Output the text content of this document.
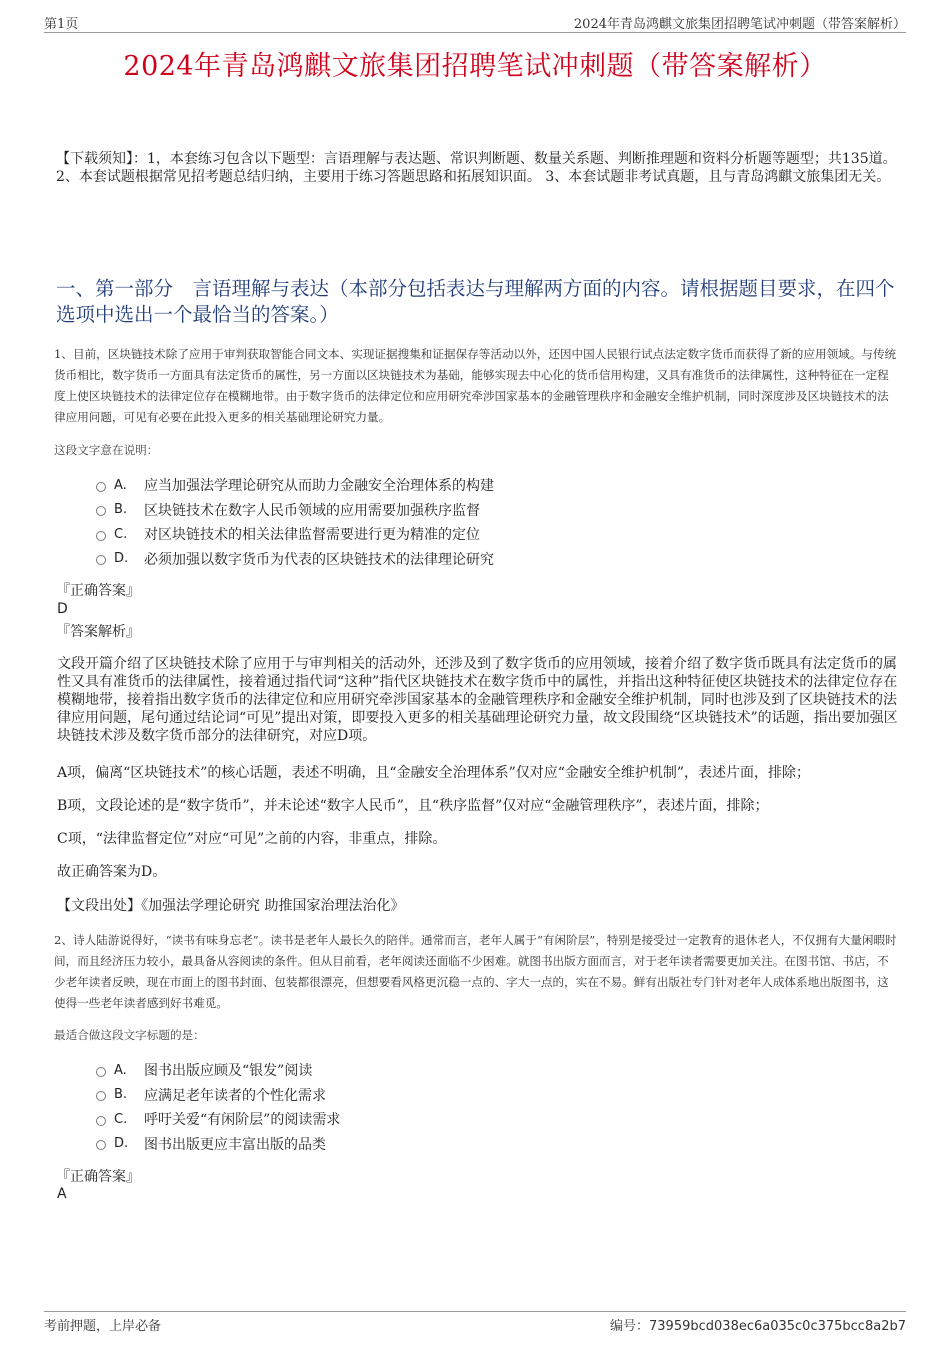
第1页	2024年青岛鸿麒文旅集团招聘笔试冲刺题（带答案解析）
2024年青岛鸿麒文旅集团招聘笔试冲刺题（带答案解析）
【下载须知】：1，本套练习包含以下题型：言语理解与表达题、常识判断题、数量关系题、判断推理题和资料分析题等题型；共135道。 2、本套试题根据常见招考题总结归纳，主要用于练习答题思路和拓展知识面。 3、本套试题非考试真题，且与青岛鸿麒文旅集团无关。
一、第一部分　言语理解与表达（本部分包括表达与理解两方面的内容。请根据题目要求，在四个选项中选出一个最恰当的答案。）
1、目前，区块链技术除了应用于审判获取智能合同文本、实现证据搜集和证据保存等活动以外，还因中国人民银行试点法定数字货币而获得了新的应用领域。与传统货币相比，数字货币一方面具有法定货币的属性，另一方面以区块链技术为基础，能够实现去中心化的货币信用构建，又具有准货币的法律属性，这种特征在一定程度上使区块链技术的法律定位存在模糊地带。由于数字货币的法律定位和应用研究牵涉国家基本的金融管理秩序和金融安全维护机制，同时深度涉及区块链技术的法律应用问题，可见有必要在此投入更多的相关基础理论研究力量。
这段文字意在说明：
A.	应当加强法学理论研究从而助力金融安全治理体系的构建
B.	区块链技术在数字人民币领域的应用需要加强秩序监督
C.	对区块链技术的相关法律监督需要进行更为精准的定位
D.	必须加强以数字货币为代表的区块链技术的法律理论研究
『正确答案』
D
『答案解析』
文段开篇介绍了区块链技术除了应用于与审判相关的活动外，还涉及到了数字货币的应用领域，接着介绍了数字货币既具有法定货币的属性又具有准货币的法律属性，接着通过指代词“这种”指代区块链技术在数字货币中的属性，并指出这种特征使区块链技术的法律定位存在模糊地带，接着指出数字货币的法律定位和应用研究牵涉国家基本的金融管理秩序和金融安全维护机制，同时也涉及到了区块链技术的法律应用问题，尾句通过结论词“可见”提出对策，即要投入更多的相关基础理论研究力量，故文段围绕“区块链技术”的话题，指出要加强区块链技术涉及数字货币部分的法律研究，对应D项。
A项，偏离“区块链技术”的核心话题，表述不明确，且“金融安全治理体系”仅对应“金融安全维护机制”，表述片面，排除；
B项，文段论述的是“数字货币”，并未论述“数字人民币”，且“秩序监督”仅对应“金融管理秩序”，表述片面，排除；
C项，“法律监督定位”对应“可见”之前的内容，非重点，排除。
故正确答案为D。
【文段出处】《加强法学理论研究 助推国家治理法治化》
2、诗人陆游说得好，“读书有味身忘老”。读书是老年人最长久的陪伴。通常而言，老年人属于“有闲阶层”，特别是接受过一定教育的退休老人，不仅拥有大量闲暇时间，而且经济压力较小，最具备从容阅读的条件。但从目前看，老年阅读还面临不少困难。就图书出版方面而言，对于老年读者需要更加关注。在图书馆、书店，不少老年读者反映，现在市面上的图书封面、包装都很漂亮，但想要看风格更沉稳一点的、字大一点的，实在不易。鲜有出版社专门针对老年人成体系地出版图书，这使得一些老年读者感到好书难觅。
最适合做这段文字标题的是：
A.	图书出版应顾及“银发”阅读
B.	应满足老年读者的个性化需求
C.	呼吁关爱“有闲阶层”的阅读需求
D.	图书出版更应丰富出版的品类
『正确答案』
A
考前押题，上岸必备	编号：73959bcd038ec6a035c0c375bcc8a2b7
